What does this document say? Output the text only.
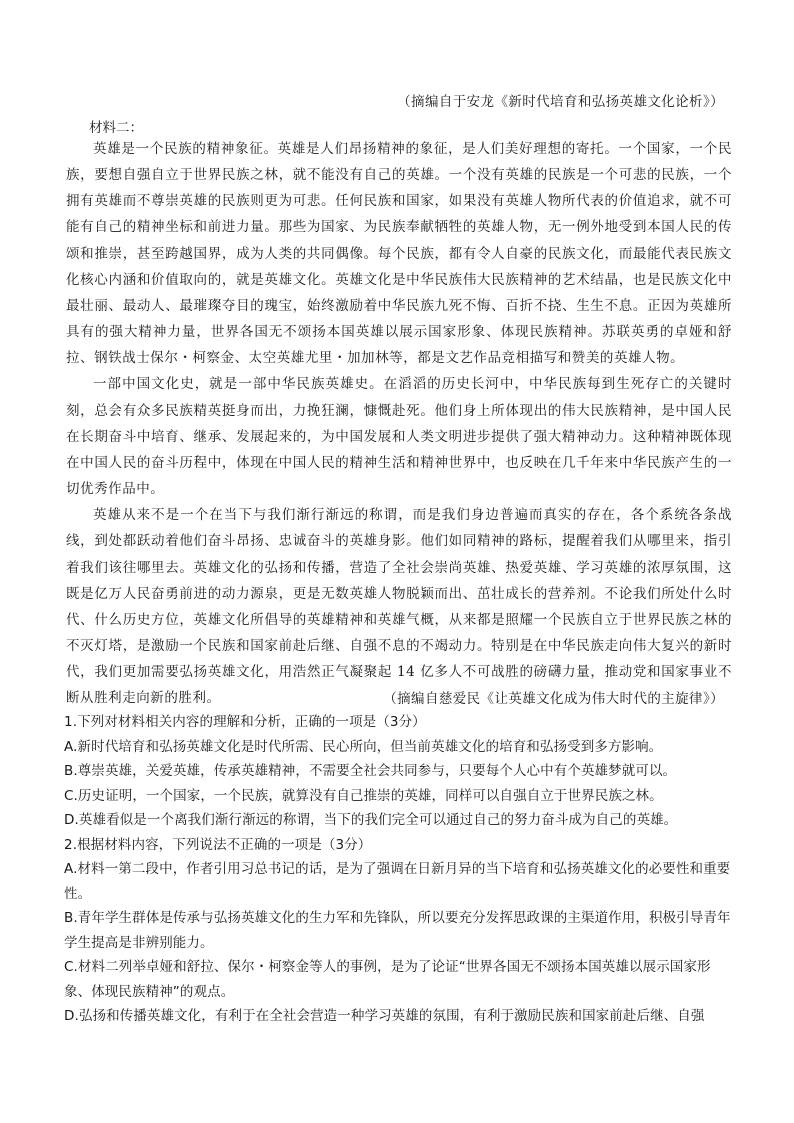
（摘编自于安龙《新时代培育和弘扬英雄文化论析》）
材料二：

英雄是一个民族的精神象征。英雄是人们昂扬精神的象征，是人们美好理想的寄托。一个国家，一个民族，要想自强自立于世界民族之林，就不能没有自己的英雄。一个没有英雄的民族是一个可悲的民族，一个拥有英雄而不尊崇英雄的民族则更为可悲。任何民族和国家，如果没有英雄人物所代表的价值追求，就不可能有自己的精神坐标和前进力量。那些为国家、为民族奉献牺牲的英雄人物，无一例外地受到本国人民的传颂和推崇，甚至跨越国界，成为人类的共同偶像。每个民族，都有令人自豪的民族文化，而最能代表民族文化核心内涵和价值取向的，就是英雄文化。英雄文化是中华民族伟大民族精神的艺术结晶，也是民族文化中最壮丽、最动人、最璀璨夺目的瑰宝，始终激励着中华民族九死不悔、百折不挠、生生不息。正因为英雄所具有的强大精神力量，世界各国无不颂扬本国英雄以展示国家形象、体现民族精神。苏联英勇的卓娅和舒拉、钢铁战士保尔・柯察金、太空英雄尤里・加加林等，都是文艺作品竞相描写和赞美的英雄人物。

一部中国文化史，就是一部中华民族英雄史。在滔滔的历史长河中，中华民族每到生死存亡的关键时刻，总会有众多民族精英挺身而出，力挽狂澜，慷慨赴死。他们身上所体现出的伟大民族精神，是中国人民在长期奋斗中培育、继承、发展起来的，为中国发展和人类文明进步提供了强大精神动力。这种精神既体现在中国人民的奋斗历程中，体现在中国人民的精神生活和精神世界中，也反映在几千年来中华民族产生的一切优秀作品中。

英雄从来不是一个在当下与我们渐行渐远的称谓，而是我们身边普遍而真实的存在，各个系统各条战线，到处都跃动着他们奋斗昂扬、忠诚奋斗的英雄身影。他们如同精神的路标，提醒着我们从哪里来，指引着我们该往哪里去。英雄文化的弘扬和传播，营造了全社会崇尚英雄、热爱英雄、学习英雄的浓厚氛围，这既是亿万人民奋勇前进的动力源泉，更是无数英雄人物脱颖而出、茁壮成长的营养剂。不论我们所处什么时代、什么历史方位，英雄文化所倡导的英雄精神和英雄气概，从来都是照耀一个民族自立于世界民族之林的不灭灯塔，是激励一个民族和国家前赴后继、自强不息的不竭动力。特别是在中华民族走向伟大复兴的新时代，我们更加需要弘扬英雄文化，用浩然正气凝聚起 14 亿多人不可战胜的磅礴力量，推动党和国家事业不断从胜利走向新的胜利。	（摘编自慈爱民《让英雄文化成为伟大时代的主旋律》）
1.下列对材料相关内容的理解和分析，正确的一项是（3分）
A.新时代培育和弘扬英雄文化是时代所需、民心所向，但当前英雄文化的培育和弘扬受到多方影响。
B.尊崇英雄，关爱英雄，传承英雄精神，不需要全社会共同参与，只要每个人心中有个英雄梦就可以。
C.历史证明，一个国家，一个民族，就算没有自己推崇的英雄，同样可以自强自立于世界民族之林。
D.英雄看似是一个离我们渐行渐远的称谓，当下的我们完全可以通过自己的努力奋斗成为自己的英雄。
2.根据材料内容，下列说法不正确的一项是（3分）
A.材料一第二段中，作者引用习总书记的话，是为了强调在日新月异的当下培育和弘扬英雄文化的必要性和重要性。
B.青年学生群体是传承与弘扬英雄文化的生力军和先锋队，所以要充分发挥思政课的主渠道作用，积极引导青年学生提高是非辨别能力。
C.材料二列举卓娅和舒拉、保尔・柯察金等人的事例，是为了论证“世界各国无不颂扬本国英雄以展示国家形象、体现民族精神”的观点。
D.弘扬和传播英雄文化，有利于在全社会营造一种学习英雄的氛围，有利于激励民族和国家前赴后继、自强
